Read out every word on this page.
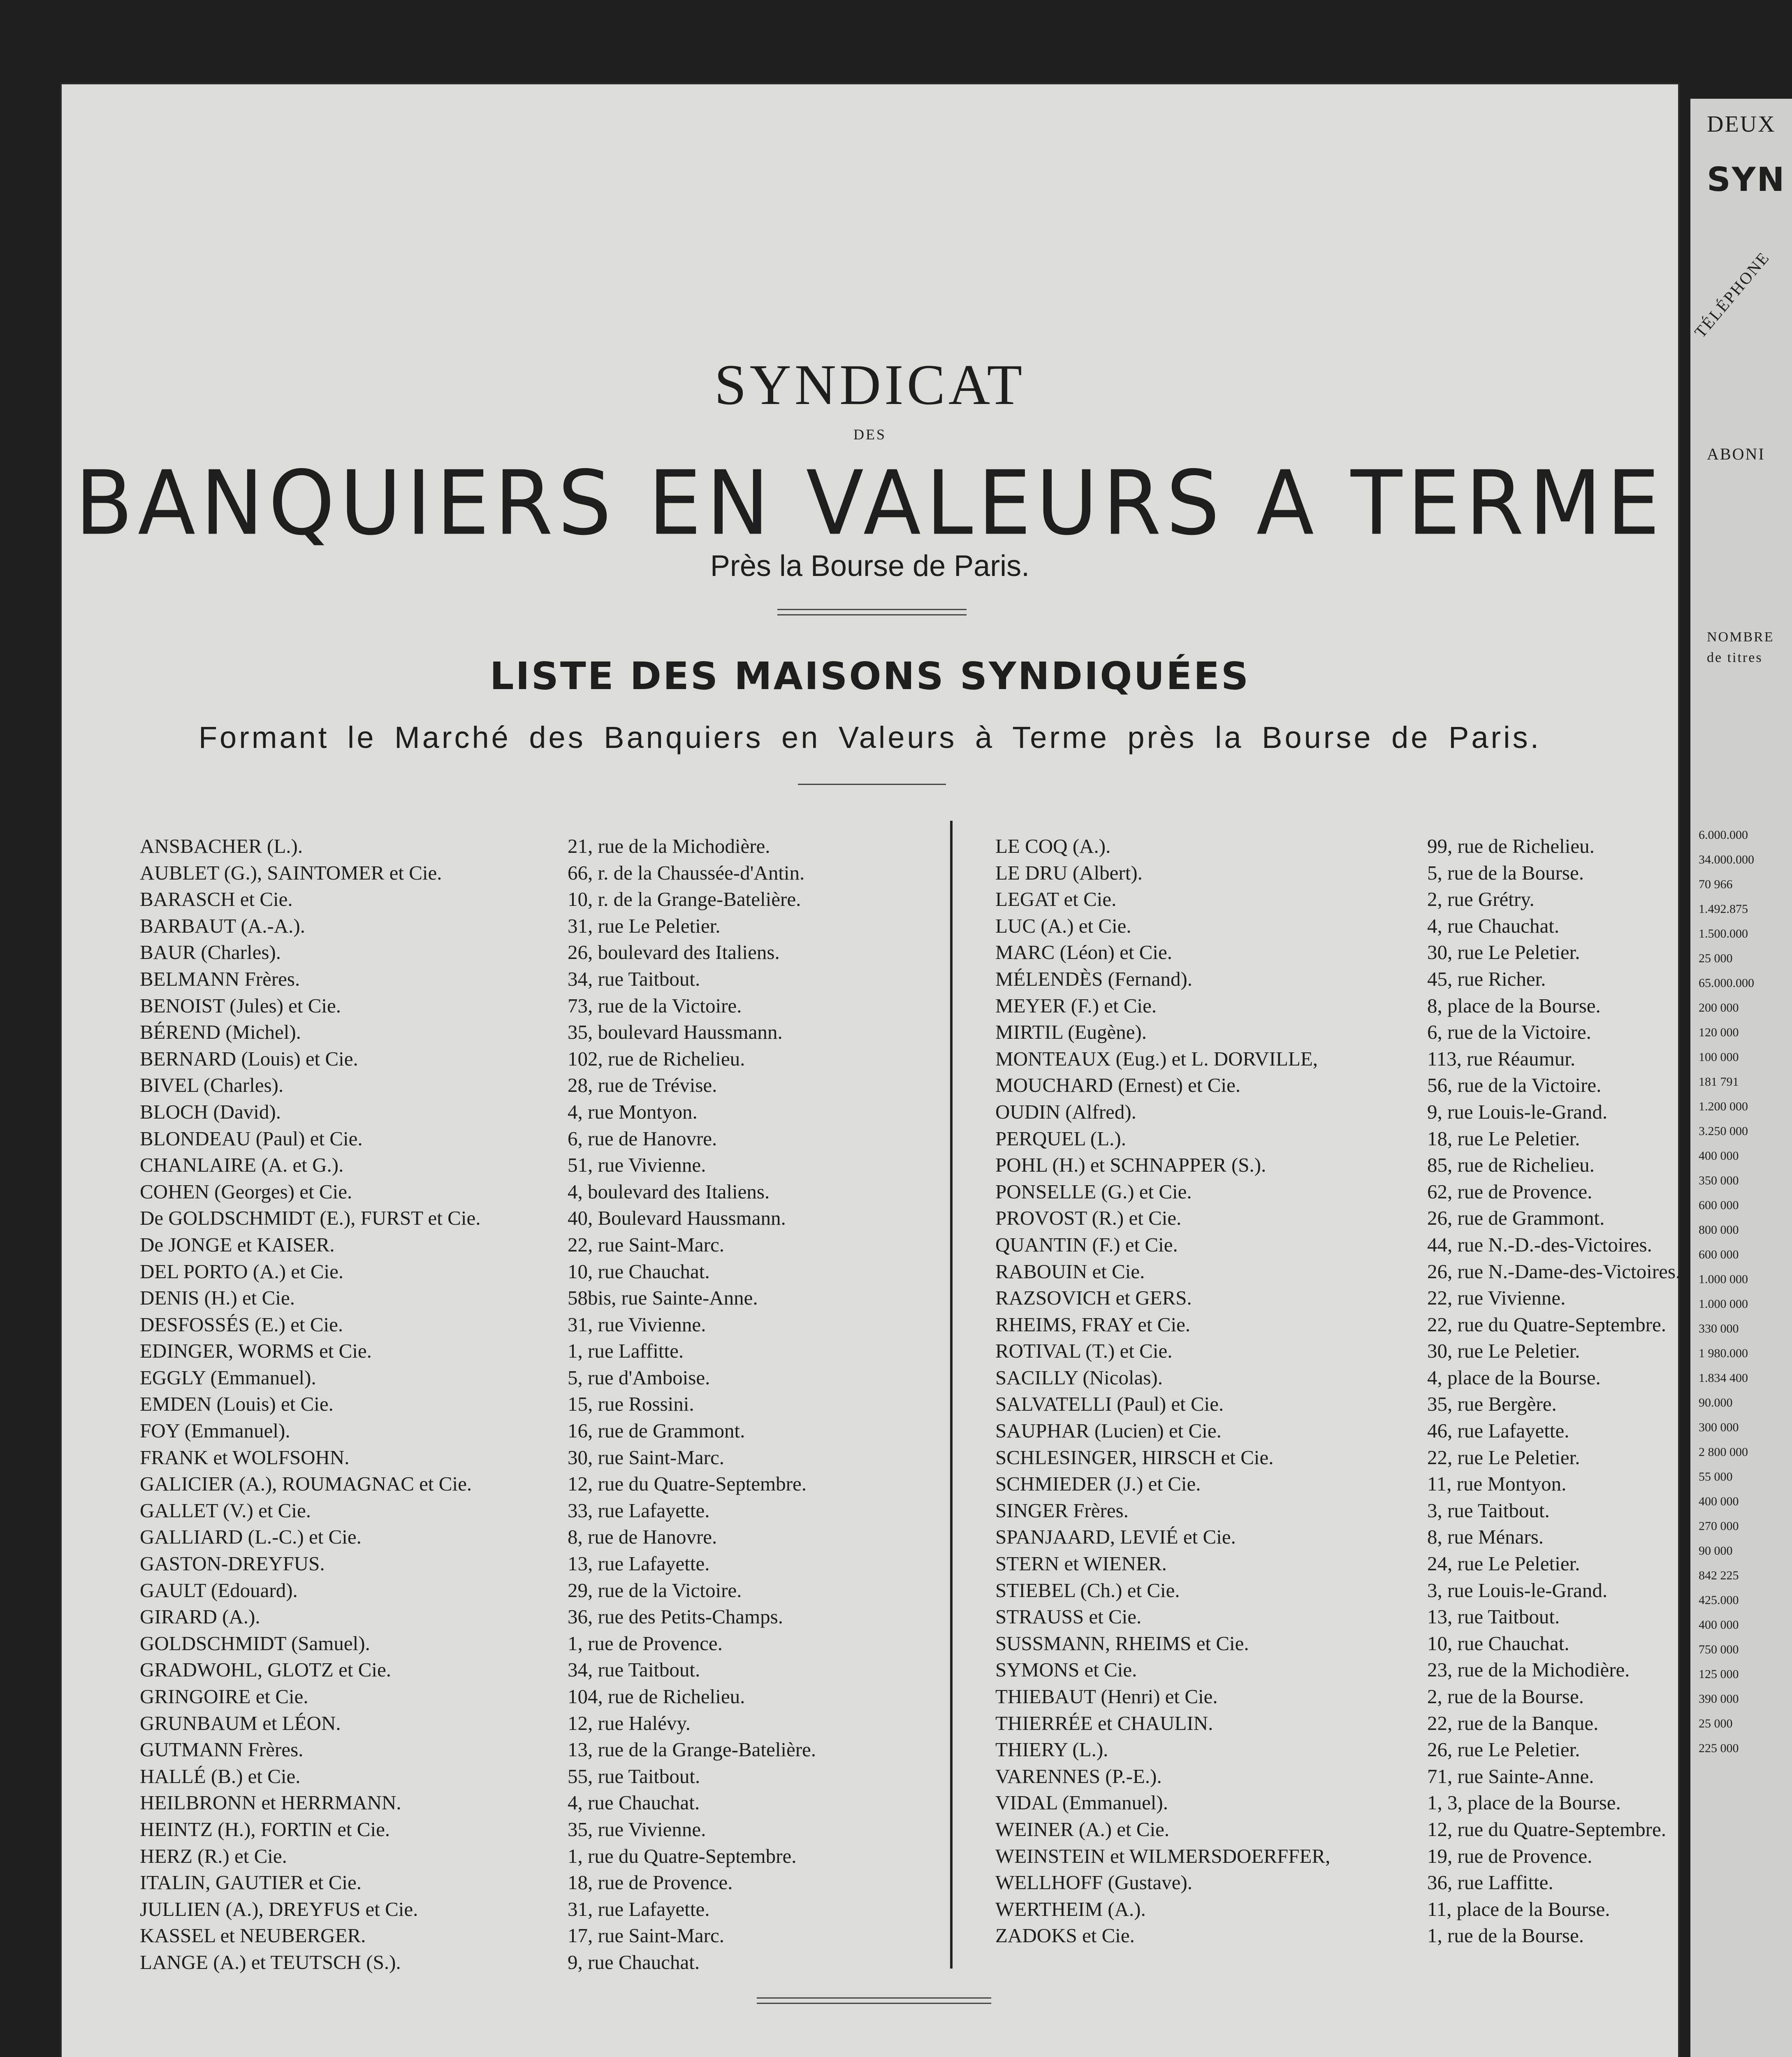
SYNDICAT
DES
BANQUIERS EN VALEURS A TERME
Près la Bourse de Paris.
LISTE DES MAISONS SYNDIQUÉES
Formant le Marché des Banquiers en Valeurs à Terme près la Bourse de Paris.
ANSBACHER (L.).
AUBLET (G.), SAINTOMER et Cie.
BARASCH et Cie.
BARBAUT (A.-A.).
BAUR (Charles).
BELMANN Frères.
BENOIST (Jules) et Cie.
BÉREND (Michel).
BERNARD (Louis) et Cie.
BIVEL (Charles).
BLOCH (David).
BLONDEAU (Paul) et Cie.
CHANLAIRE (A. et G.).
COHEN (Georges) et Cie.
De GOLDSCHMIDT (E.), FURST et Cie.
De JONGE et KAISER.
DEL PORTO (A.) et Cie.
DENIS (H.) et Cie.
DESFOSSÉS (E.) et Cie.
EDINGER, WORMS et Cie.
EGGLY (Emmanuel).
EMDEN (Louis) et Cie.
FOY (Emmanuel).
FRANK et WOLFSOHN.
GALICIER (A.), ROUMAGNAC et Cie.
GALLET (V.) et Cie.
GALLIARD (L.-C.) et Cie.
GASTON-DREYFUS.
GAULT (Edouard).
GIRARD (A.).
GOLDSCHMIDT (Samuel).
GRADWOHL, GLOTZ et Cie.
GRINGOIRE et Cie.
GRUNBAUM et LÉON.
GUTMANN Frères.
HALLÉ (B.) et Cie.
HEILBRONN et HERRMANN.
HEINTZ (H.), FORTIN et Cie.
HERZ (R.) et Cie.
ITALIN, GAUTIER et Cie.
JULLIEN (A.), DREYFUS et Cie.
KASSEL et NEUBERGER.
LANGE (A.) et TEUTSCH (S.).
21, rue de la Michodière.
66, r. de la Chaussée-d'Antin.
10, r. de la Grange-Batelière.
31, rue Le Peletier.
26, boulevard des Italiens.
34, rue Taitbout.
73, rue de la Victoire.
35, boulevard Haussmann.
102, rue de Richelieu.
28, rue de Trévise.
4, rue Montyon.
6, rue de Hanovre.
51, rue Vivienne.
4, boulevard des Italiens.
40, Boulevard Haussmann.
22, rue Saint-Marc.
10, rue Chauchat.
58bis, rue Sainte-Anne.
31, rue Vivienne.
1, rue Laffitte.
5, rue d'Amboise.
15, rue Rossini.
16, rue de Grammont.
30, rue Saint-Marc.
12, rue du Quatre-Septembre.
33, rue Lafayette.
8, rue de Hanovre.
13, rue Lafayette.
29, rue de la Victoire.
36, rue des Petits-Champs.
1, rue de Provence.
34, rue Taitbout.
104, rue de Richelieu.
12, rue Halévy.
13, rue de la Grange-Batelière.
55, rue Taitbout.
4, rue Chauchat.
35, rue Vivienne.
1, rue du Quatre-Septembre.
18, rue de Provence.
31, rue Lafayette.
17, rue Saint-Marc.
9, rue Chauchat.
LE COQ (A.).
LE DRU (Albert).
LEGAT et Cie.
LUC (A.) et Cie.
MARC (Léon) et Cie.
MÉLENDÈS (Fernand).
MEYER (F.) et Cie.
MIRTIL (Eugène).
MONTEAUX (Eug.) et L. DORVILLE,
MOUCHARD (Ernest) et Cie.
OUDIN (Alfred).
PERQUEL (L.).
POHL (H.) et SCHNAPPER (S.).
PONSELLE (G.) et Cie.
PROVOST (R.) et Cie.
QUANTIN (F.) et Cie.
RABOUIN et Cie.
RAZSOVICH et GERS.
RHEIMS, FRAY et Cie.
ROTIVAL (T.) et Cie.
SACILLY (Nicolas).
SALVATELLI (Paul) et Cie.
SAUPHAR (Lucien) et Cie.
SCHLESINGER, HIRSCH et Cie.
SCHMIEDER (J.) et Cie.
SINGER Frères.
SPANJAARD, LEVIÉ et Cie.
STERN et WIENER.
STIEBEL (Ch.) et Cie.
STRAUSS et Cie.
SUSSMANN, RHEIMS et Cie.
SYMONS et Cie.
THIEBAUT (Henri) et Cie.
THIERRÉE et CHAULIN.
THIERY (L.).
VARENNES (P.-E.).
VIDAL (Emmanuel).
WEINER (A.) et Cie.
WEINSTEIN et WILMERSDOERFFER,
WELLHOFF (Gustave).
WERTHEIM (A.).
ZADOKS et Cie.
99, rue de Richelieu.
5, rue de la Bourse.
2, rue Grétry.
4, rue Chauchat.
30, rue Le Peletier.
45, rue Richer.
8, place de la Bourse.
6, rue de la Victoire.
113, rue Réaumur.
56, rue de la Victoire.
9, rue Louis-le-Grand.
18, rue Le Peletier.
85, rue de Richelieu.
62, rue de Provence.
26, rue de Grammont.
44, rue N.-D.-des-Victoires.
26, rue N.-Dame-des-Victoires.
22, rue Vivienne.
22, rue du Quatre-Septembre.
30, rue Le Peletier.
4, place de la Bourse.
35, rue Bergère.
46, rue Lafayette.
22, rue Le Peletier.
11, rue Montyon.
3, rue Taitbout.
8, rue Ménars.
24, rue Le Peletier.
3, rue Louis-le-Grand.
13, rue Taitbout.
10, rue Chauchat.
23, rue de la Michodière.
2, rue de la Bourse.
22, rue de la Banque.
26, rue Le Peletier.
71, rue Sainte-Anne.
1, 3, place de la Bourse.
12, rue du Quatre-Septembre.
19, rue de Provence.
36, rue Laffitte.
11, place de la Bourse.
1, rue de la Bourse.
DEUX
SYN
TÉLÉPHONE
ABONI
NOMBRE
de titres
6.000.000
34.000.000
70 966
1.492.875
1.500.000
25 000
65.000.000
200 000
120 000
100 000
181 791
1.200 000
3.250 000
400 000
350 000
600 000
800 000
600 000
1.000 000
1.000 000
330 000
1 980.000
1.834 400
90.000
300 000
2 800 000
55 000
400 000
270 000
90 000
842 225
425.000
400 000
750 000
125 000
390 000
25 000
225 000
